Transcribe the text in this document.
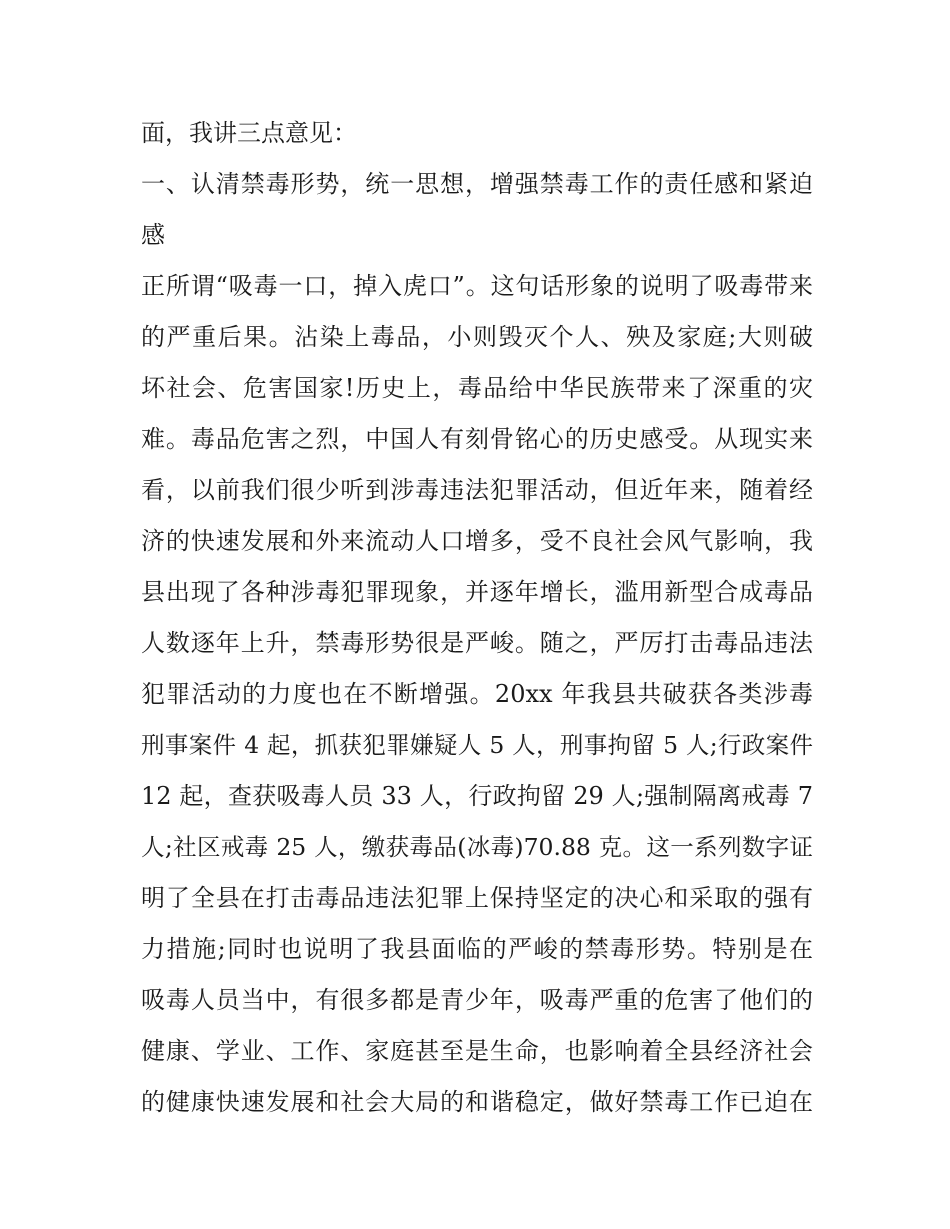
面，我讲三点意见：
一、认清禁毒形势，统一思想，增强禁毒工作的责任感和紧迫
感
正所谓“吸毒一口，掉入虎口”。这句话形象的说明了吸毒带来
的严重后果。沾染上毒品，小则毁灭个人、殃及家庭;大则破
坏社会、危害国家!历史上，毒品给中华民族带来了深重的灾
难。毒品危害之烈，中国人有刻骨铭心的历史感受。从现实来
看，以前我们很少听到涉毒违法犯罪活动，但近年来，随着经
济的快速发展和外来流动人口增多，受不良社会风气影响，我
县出现了各种涉毒犯罪现象，并逐年增长，滥用新型合成毒品
人数逐年上升，禁毒形势很是严峻。随之，严厉打击毒品违法
犯罪活动的力度也在不断增强。20xx 年我县共破获各类涉毒
刑事案件 4 起，抓获犯罪嫌疑人 5 人，刑事拘留 5 人;行政案件
12 起，查获吸毒人员 33 人，行政拘留 29 人;强制隔离戒毒 7
人;社区戒毒 25 人，缴获毒品(冰毒)70.88 克。这一系列数字证
明了全县在打击毒品违法犯罪上保持坚定的决心和采取的强有
力措施;同时也说明了我县面临的严峻的禁毒形势。特别是在
吸毒人员当中，有很多都是青少年，吸毒严重的危害了他们的
健康、学业、工作、家庭甚至是生命，也影响着全县经济社会
的健康快速发展和社会大局的和谐稳定，做好禁毒工作已迫在
